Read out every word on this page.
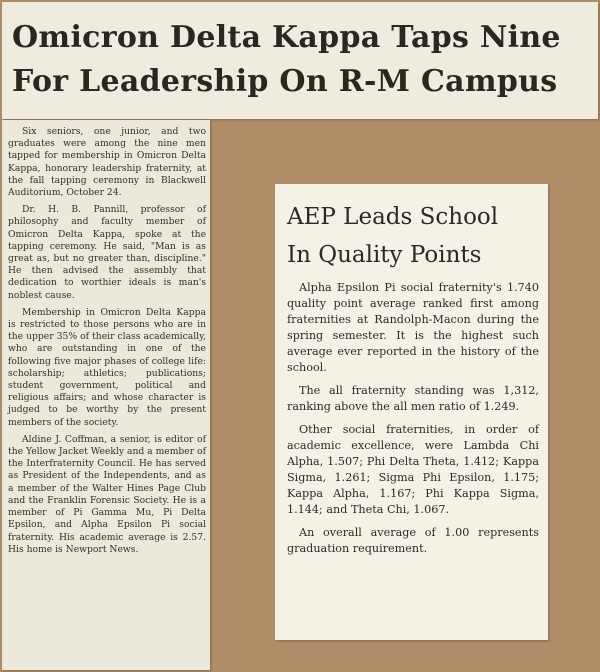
Omicron Delta Kappa Taps Nine
For Leadership On R-M Campus

Six seniors, one junior, and two graduates were among the nine men tapped for membership in Omicron Delta Kappa, honorary leadership fraternity, at the fall tapping ceremony in Blackwell Auditorium, October 24.

Dr. H. B. Pannill, professor of philosophy and faculty member of Omicron Delta Kappa, spoke at the tapping ceremony. He said, "Man is as great as, but no greater than, discipline." He then advised the assembly that dedication to worthier ideals is man's noblest cause.

Membership in Omicron Delta Kappa is restricted to those persons who are in the upper 35% of their class academically, who are outstanding in one of the following five major phases of college life: scholarship; athletics; publications; student government, political and religious affairs; and whose character is judged to be worthy by the present members of the society.

Aldine J. Coffman, a senior, is editor of the Yellow Jacket Weekly and a member of the Interfraternity Council. He has served as President of the Independents, and as a member of the Walter Hines Page Club and the Franklin Forensic Society. He is a member of Pi Gamma Mu, Pi Delta Epsilon, and Alpha Epsilon Pi social fraternity. His academic average is 2.57. His home is Newport News.

AEP Leads School
In Quality Points

Alpha Epsilon Pi social fraternity's 1.740 quality point average ranked first among fraternities at Randolph-Macon during the spring semester. It is the highest such average ever reported in the history of the school.

The all fraternity standing was 1,312, ranking above the all men ratio of 1.249.

Other social fraternities, in order of academic excellence, were Lambda Chi Alpha, 1.507; Phi Delta Theta, 1.412; Kappa Sigma, 1.261; Sigma Phi Epsilon, 1.175; Kappa Alpha, 1.167; Phi Kappa Sigma, 1.144; and Theta Chi, 1.067.

An overall average of 1.00 represents graduation requirement.
